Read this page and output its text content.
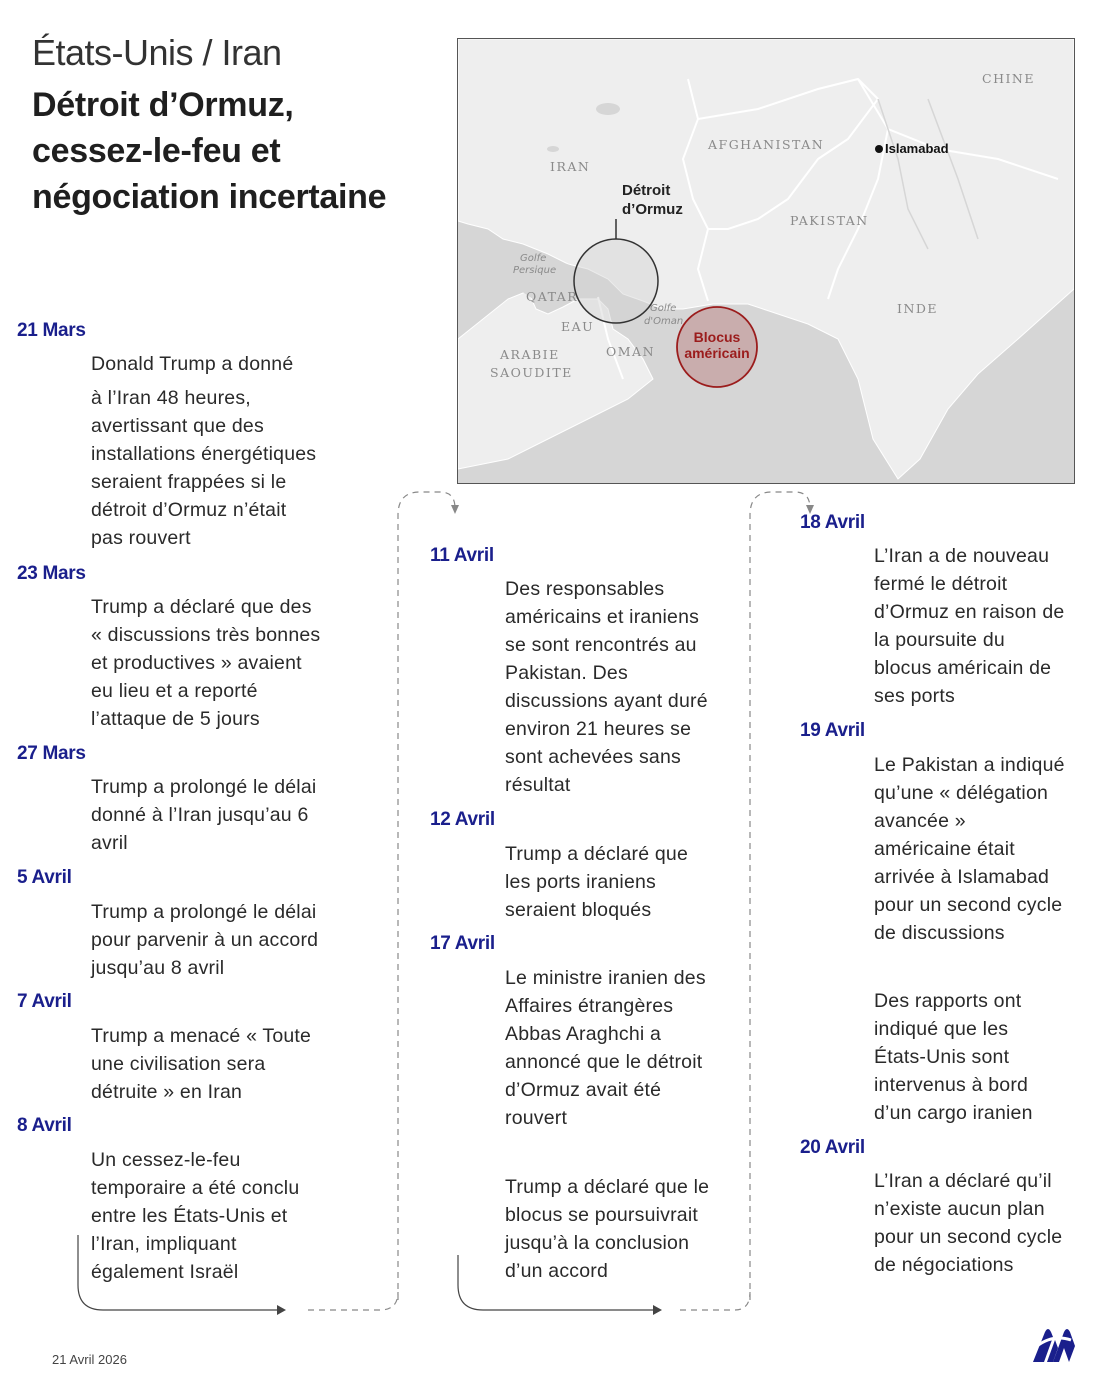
États-Unis / Iran
Détroit d’Ormuz,
cessez-le-feu et
négociation incertaine
IRAN
AFGHANISTAN
PAKISTAN
CHINE
INDE
QATAR
EAU
OMAN
ARABIE
SAOUDITE
Golfe
Persique
Golfe
d'Oman
Islamabad
Détroit
d’Ormuz
Blocus
américain
21 Mars
Donald Trump a donné
à l’Iran 48 heures,
avertissant que des
installations énergétiques
seraient frappées si le
détroit d’Ormuz n’était
pas rouvert
23 Mars
Trump a déclaré que des
« discussions très bonnes
et productives » avaient
eu lieu et a reporté
l’attaque de 5 jours
27 Mars
Trump a prolongé le délai
donné à l’Iran jusqu’au 6
avril
5 Avril
Trump a prolongé le délai
pour parvenir à un accord
jusqu’au 8 avril
7 Avril
Trump a menacé « Toute
une civilisation sera
détruite » en Iran
8 Avril
Un cessez-le-feu
temporaire a été conclu
entre les États-Unis et
l’Iran, impliquant
également Israël
11 Avril
Des responsables
américains et iraniens
se sont rencontrés au
Pakistan. Des
discussions ayant duré
environ 21 heures se
sont achevées sans
résultat
12 Avril
Trump a déclaré que
les ports iraniens
seraient bloqués
17 Avril
Le ministre iranien des
Affaires étrangères
Abbas Araghchi a
annoncé que le détroit
d’Ormuz avait été
rouvert
Trump a déclaré que le
blocus se poursuivrait
jusqu’à la conclusion
d’un accord
18 Avril
L’Iran a de nouveau
fermé le détroit
d’Ormuz en raison de
la poursuite du
blocus américain de
ses ports
19 Avril
Le Pakistan a indiqué
qu’une « délégation
avancée »
américaine était
arrivée à Islamabad
pour un second cycle
de discussions
Des rapports ont
indiqué que les
États-Unis sont
intervenus à bord
d’un cargo iranien
20 Avril
L’Iran a déclaré qu’il
n’existe aucun plan
pour un second cycle
de négociations
21 Avril 2026
